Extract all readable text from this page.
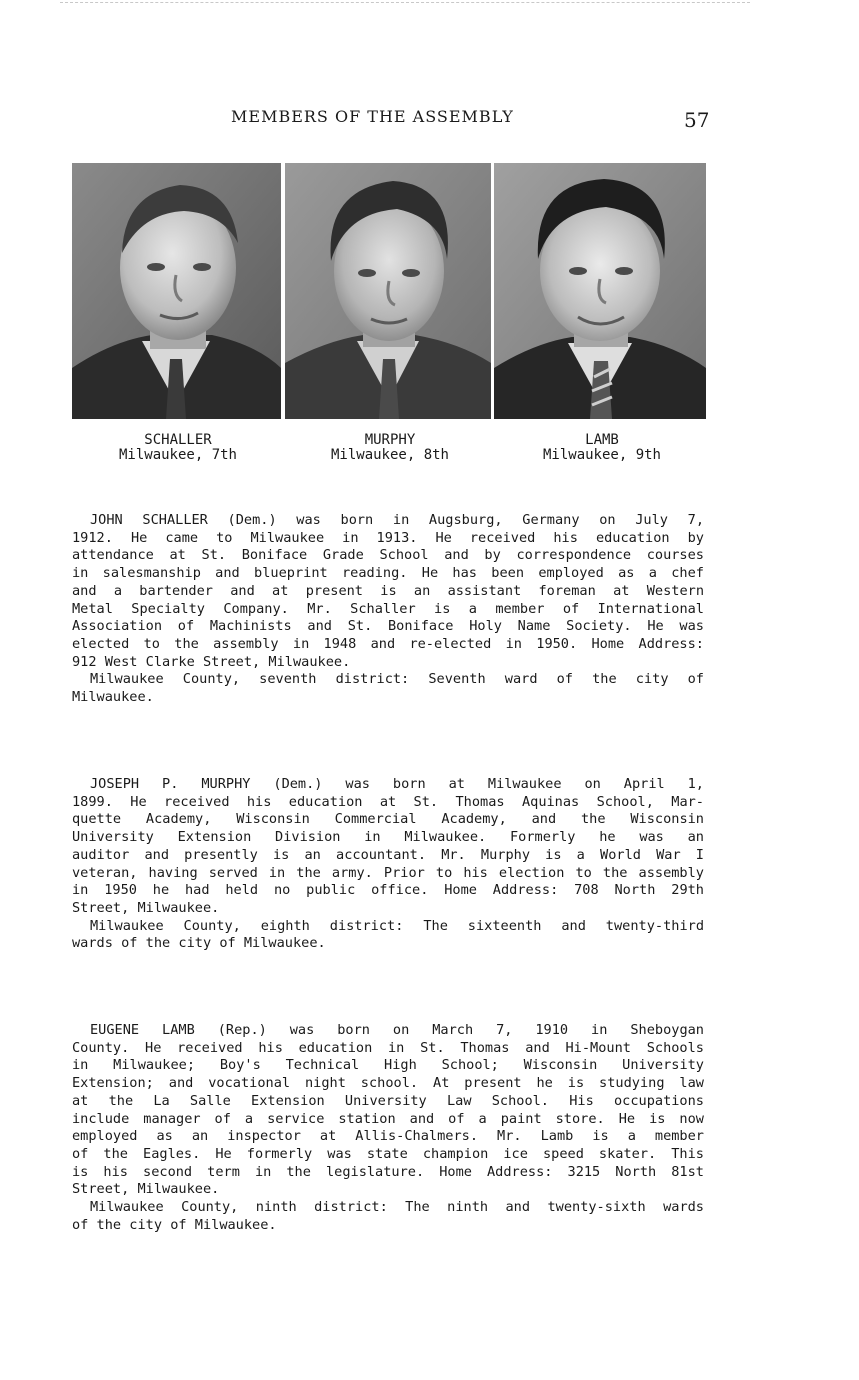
MEMBERS OF THE ASSEMBLY	57
SCHALLER
Milwaukee, 7th
MURPHY
Milwaukee, 8th
LAMB
Milwaukee, 9th
JOHN SCHALLER (Dem.) was born in Augsburg, Germany on July 7,
1912. He came to Milwaukee in 1913. He received his education by
attendance at St. Boniface Grade School and by correspondence courses
in salesmanship and blueprint reading. He has been employed as a chef
and a bartender and at present is an assistant foreman at Western
Metal Specialty Company. Mr. Schaller is a member of International
Association of Machinists and St. Boniface Holy Name Society. He was
elected to the assembly in 1948 and re-elected in 1950. Home Address:
912 West Clarke Street, Milwaukee.
Milwaukee County, seventh district: Seventh ward of the city of
Milwaukee.
JOSEPH P. MURPHY (Dem.) was born at Milwaukee on April 1,
1899. He received his education at St. Thomas Aquinas School, Mar-
quette Academy, Wisconsin Commercial Academy, and the Wisconsin
University Extension Division in Milwaukee. Formerly he was an
auditor and presently is an accountant. Mr. Murphy is a World War I
veteran, having served in the army. Prior to his election to the assembly
in 1950 he had held no public office. Home Address: 708 North 29th
Street, Milwaukee.
Milwaukee County, eighth district: The sixteenth and twenty-third
wards of the city of Milwaukee.
EUGENE LAMB (Rep.) was born on March 7, 1910 in Sheboygan
County. He received his education in St. Thomas and Hi-Mount Schools
in Milwaukee; Boy's Technical High School; Wisconsin University
Extension; and vocational night school. At present he is studying law
at the La Salle Extension University Law School. His occupations
include manager of a service station and of a paint store. He is now
employed as an inspector at Allis-Chalmers. Mr. Lamb is a member
of the Eagles. He formerly was state champion ice speed skater. This
is his second term in the legislature. Home Address: 3215 North 81st
Street, Milwaukee.
Milwaukee County, ninth district: The ninth and twenty-sixth wards
of the city of Milwaukee.
